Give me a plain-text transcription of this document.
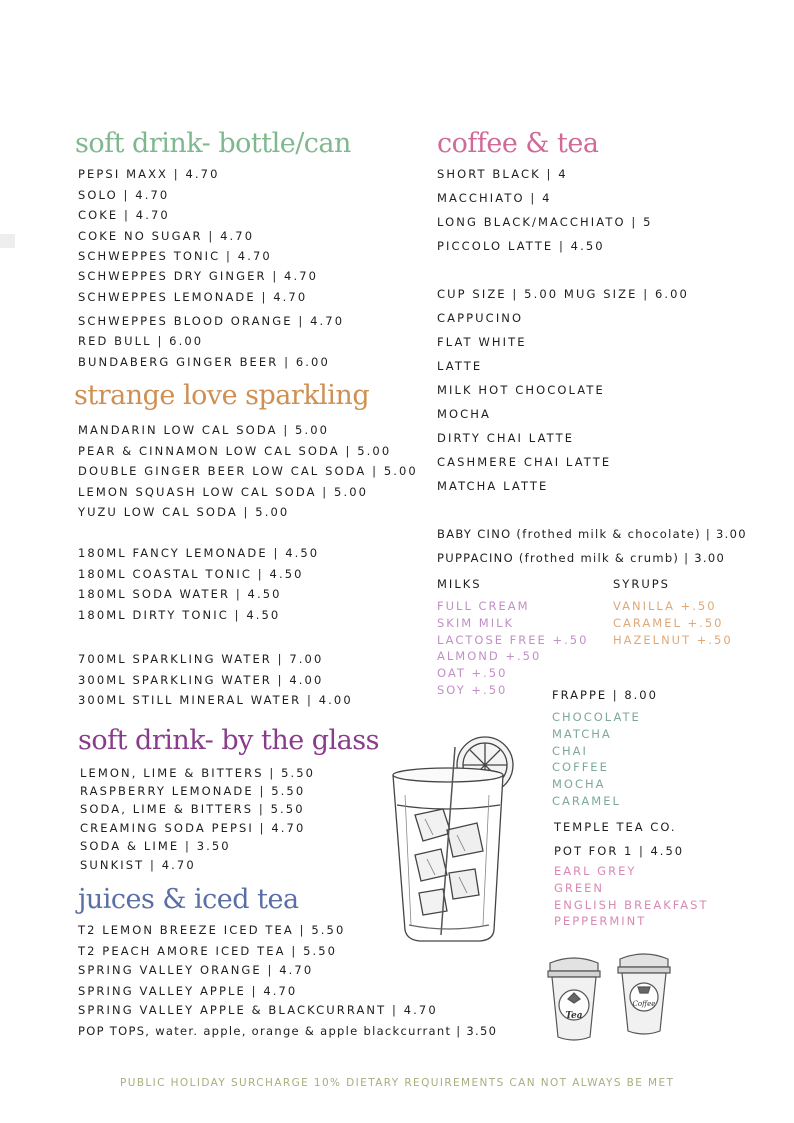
soft drink- bottle/can
PEPSI MAXX | 4.70
SOLO | 4.70
COKE | 4.70
COKE NO SUGAR | 4.70
SCHWEPPES TONIC | 4.70
SCHWEPPES DRY GINGER | 4.70
SCHWEPPES LEMONADE | 4.70
SCHWEPPES BLOOD ORANGE | 4.70
RED BULL | 6.00
BUNDABERG GINGER BEER | 6.00
strange love sparkling
MANDARIN LOW CAL SODA | 5.00
PEAR & CINNAMON LOW CAL SODA | 5.00
DOUBLE GINGER BEER LOW CAL SODA | 5.00
LEMON SQUASH LOW CAL SODA | 5.00
YUZU LOW CAL SODA | 5.00
180ML FANCY LEMONADE | 4.50
180ML COASTAL TONIC | 4.50
180ML SODA WATER | 4.50
180ML DIRTY TONIC | 4.50
700ML SPARKLING WATER | 7.00
300ML SPARKLING WATER | 4.00
300ML STILL MINERAL WATER | 4.00
soft drink- by the glass
LEMON, LIME & BITTERS | 5.50
RASPBERRY LEMONADE | 5.50
SODA, LIME & BITTERS | 5.50
CREAMING SODA PEPSI | 4.70
SODA & LIME | 3.50
SUNKIST | 4.70
juices & iced tea
T2 LEMON BREEZE ICED TEA | 5.50
T2 PEACH AMORE ICED TEA | 5.50
SPRING VALLEY ORANGE | 4.70
SPRING VALLEY APPLE | 4.70
SPRING VALLEY APPLE & BLACKCURRANT | 4.70
POP TOPS, water. apple, orange & apple blackcurrant | 3.50
coffee & tea
SHORT BLACK | 4
MACCHIATO | 4
LONG BLACK/MACCHIATO | 5
PICCOLO LATTE | 4.50
CUP SIZE | 5.00 MUG SIZE | 6.00
CAPPUCINO
FLAT WHITE
LATTE
MILK HOT CHOCOLATE
MOCHA
DIRTY CHAI LATTE
CASHMERE CHAI LATTE
MATCHA LATTE
BABY CINO (frothed milk & chocolate) | 3.00
PUPPACINO (frothed milk & crumb) | 3.00
MILKS
FULL CREAM
SKIM MILK
LACTOSE FREE +.50
ALMOND +.50
OAT +.50
SOY +.50
SYRUPS
VANILLA +.50
CARAMEL +.50
HAZELNUT +.50
FRAPPE | 8.00
CHOCOLATE
MATCHA
CHAI
COFFEE
MOCHA
CARAMEL
TEMPLE TEA CO.
POT FOR 1 | 4.50
EARL GREY
GREEN
ENGLISH BREAKFAST
PEPPERMINT
Tea
Coffee
PUBLIC HOLIDAY SURCHARGE 10% DIETARY REQUIREMENTS CAN NOT ALWAYS BE MET
